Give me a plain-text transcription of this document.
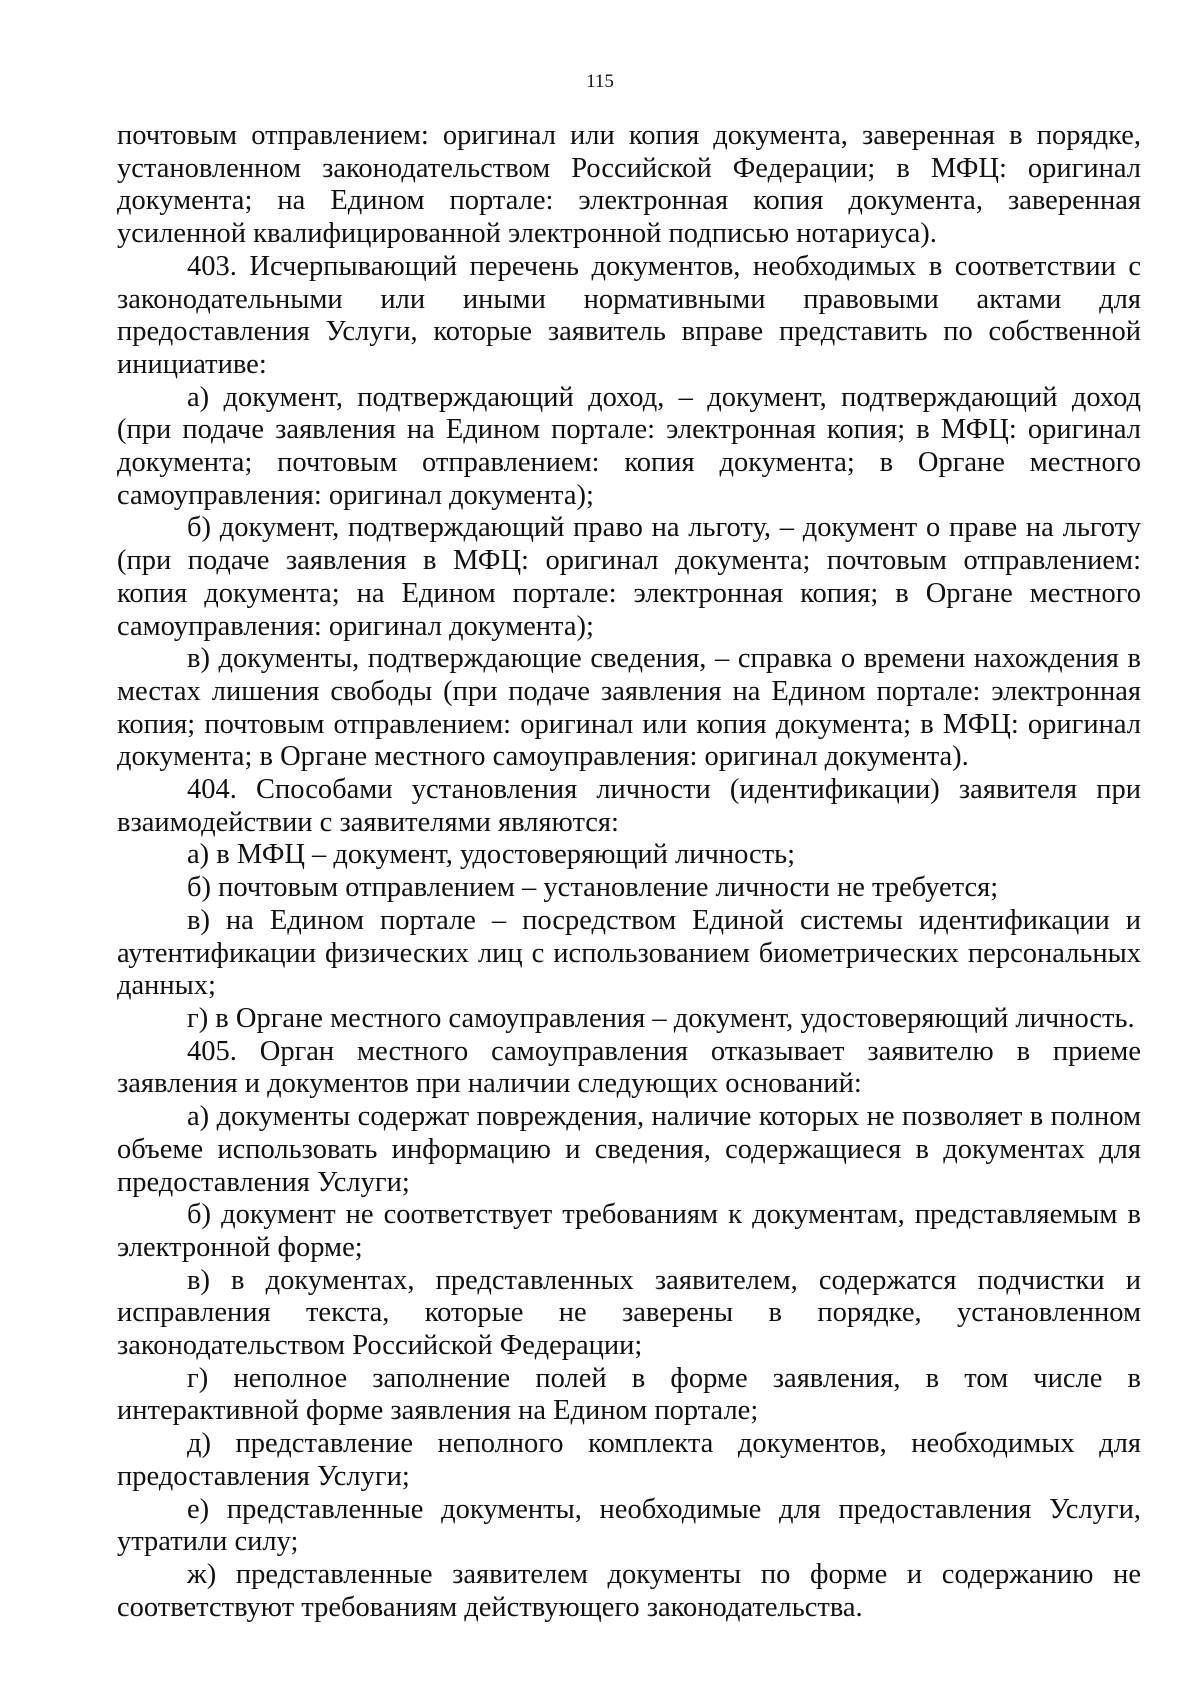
115

почтовым отправлением: оригинал или копия документа, заверенная в порядке, установленном законодательством Российской Федерации; в МФЦ: оригинал документа; на Едином портале: электронная копия документа, заверенная усиленной квалифицированной электронной подписью нотариуса).

403. Исчерпывающий перечень документов, необходимых в соответствии с законодательными или иными нормативными правовыми актами для предоставления Услуги, которые заявитель вправе представить по собственной инициативе:

а) документ, подтверждающий доход, – документ, подтверждающий доход (при подаче заявления на Едином портале: электронная копия; в МФЦ: оригинал документа; почтовым отправлением: копия документа; в Органе местного самоуправления: оригинал документа);

б) документ, подтверждающий право на льготу, – документ о праве на льготу (при подаче заявления в МФЦ: оригинал документа; почтовым отправлением: копия документа; на Едином портале: электронная копия; в Органе местного самоуправления: оригинал документа);

в) документы, подтверждающие сведения, – справка о времени нахождения в местах лишения свободы (при подаче заявления на Едином портале: электронная копия; почтовым отправлением: оригинал или копия документа; в МФЦ: оригинал документа; в Органе местного самоуправления: оригинал документа).

404. Способами установления личности (идентификации) заявителя при взаимодействии с заявителями являются:

а) в МФЦ – документ, удостоверяющий личность;

б) почтовым отправлением – установление личности не требуется;

в) на Едином портале – посредством Единой системы идентификации и аутентификации физических лиц с использованием биометрических персональных данных;

г) в Органе местного самоуправления – документ, удостоверяющий личность.

405. Орган местного самоуправления отказывает заявителю в приеме заявления и документов при наличии следующих оснований:

а) документы содержат повреждения, наличие которых не позволяет в полном объеме использовать информацию и сведения, содержащиеся в документах для предоставления Услуги;

б) документ не соответствует требованиям к документам, представляемым в электронной форме;

в) в документах, представленных заявителем, содержатся подчистки и исправления текста, которые не заверены в порядке, установленном законодательством Российской Федерации;

г) неполное заполнение полей в форме заявления, в том числе в интерактивной форме заявления на Едином портале;

д) представление неполного комплекта документов, необходимых для предоставления Услуги;

е) представленные документы, необходимые для предоставления Услуги, утратили силу;

ж) представленные заявителем документы по форме и содержанию не соответствуют требованиям действующего законодательства.
